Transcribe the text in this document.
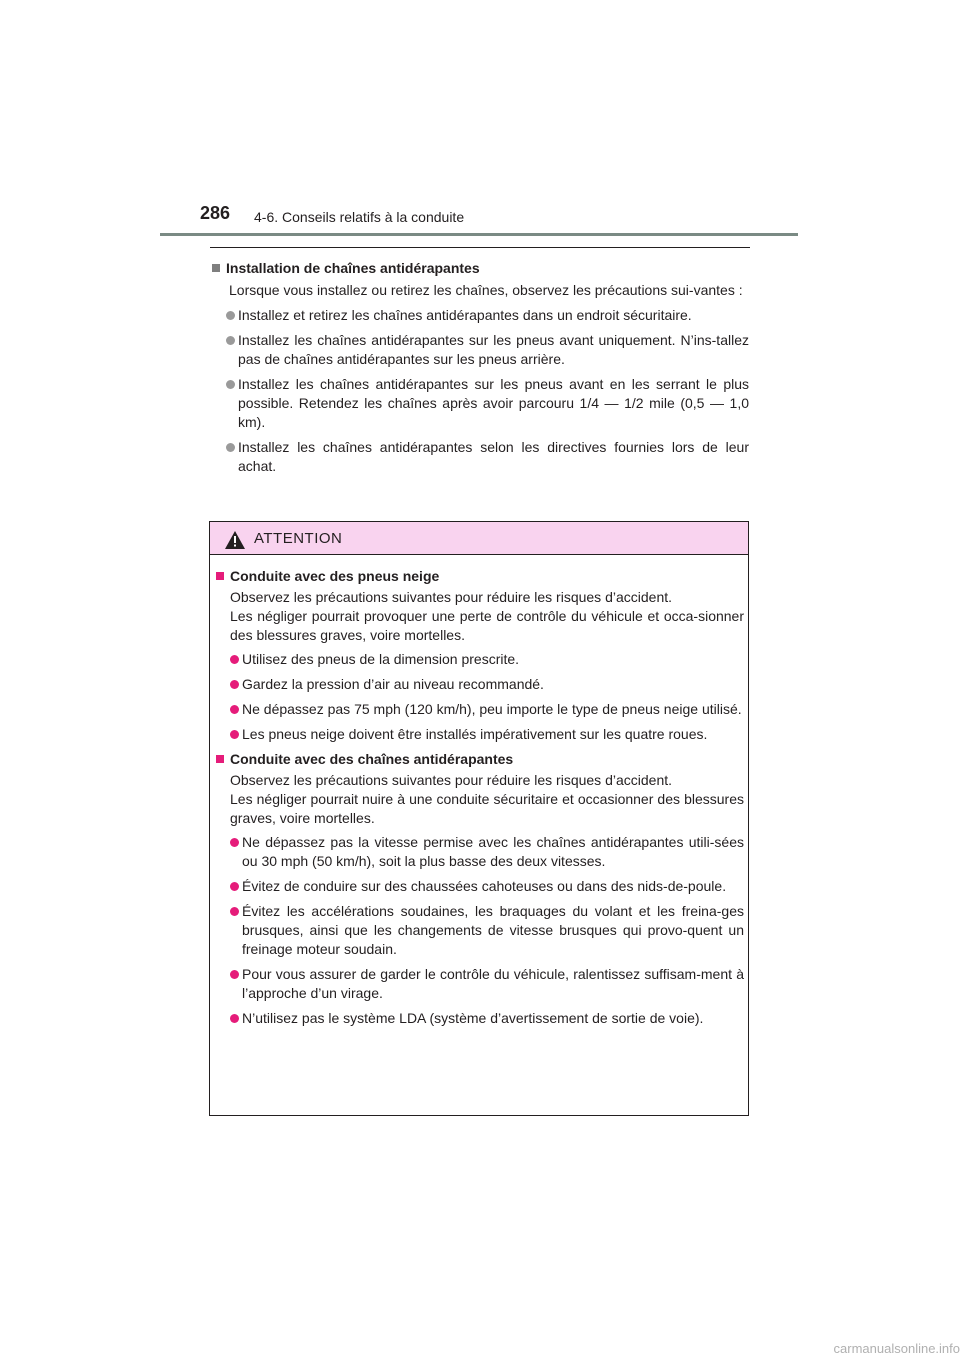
286 4-6. Conseils relatifs à la conduite
Installation de chaînes antidérapantes
Lorsque vous installez ou retirez les chaînes, observez les précautions sui-vantes :
Installez et retirez les chaînes antidérapantes dans un endroit sécuritaire.
Installez les chaînes antidérapantes sur les pneus avant uniquement. N’ins-tallez pas de chaînes antidérapantes sur les pneus arrière.
Installez les chaînes antidérapantes sur les pneus avant en les serrant le plus possible. Retendez les chaînes après avoir parcouru 1/4 — 1/2 mile (0,5 — 1,0 km).
Installez les chaînes antidérapantes selon les directives fournies lors de leur achat.
ATTENTION
Conduite avec des pneus neige
Observez les précautions suivantes pour réduire les risques d’accident.
Les négliger pourrait provoquer une perte de contrôle du véhicule et occa-sionner des blessures graves, voire mortelles.
Utilisez des pneus de la dimension prescrite.
Gardez la pression d’air au niveau recommandé.
Ne dépassez pas 75 mph (120 km/h), peu importe le type de pneus neige utilisé.
Les pneus neige doivent être installés impérativement sur les quatre roues.
Conduite avec des chaînes antidérapantes
Observez les précautions suivantes pour réduire les risques d’accident.
Les négliger pourrait nuire à une conduite sécuritaire et occasionner des blessures graves, voire mortelles.
Ne dépassez pas la vitesse permise avec les chaînes antidérapantes utili-sées ou 30 mph (50 km/h), soit la plus basse des deux vitesses.
Évitez de conduire sur des chaussées cahoteuses ou dans des nids-de-poule.
Évitez les accélérations soudaines, les braquages du volant et les freina-ges brusques, ainsi que les changements de vitesse brusques qui provo-quent un freinage moteur soudain.
Pour vous assurer de garder le contrôle du véhicule, ralentissez suffisam-ment à l’approche d’un virage.
N’utilisez pas le système LDA (système d’avertissement de sortie de voie).
carmanualsonline.info
